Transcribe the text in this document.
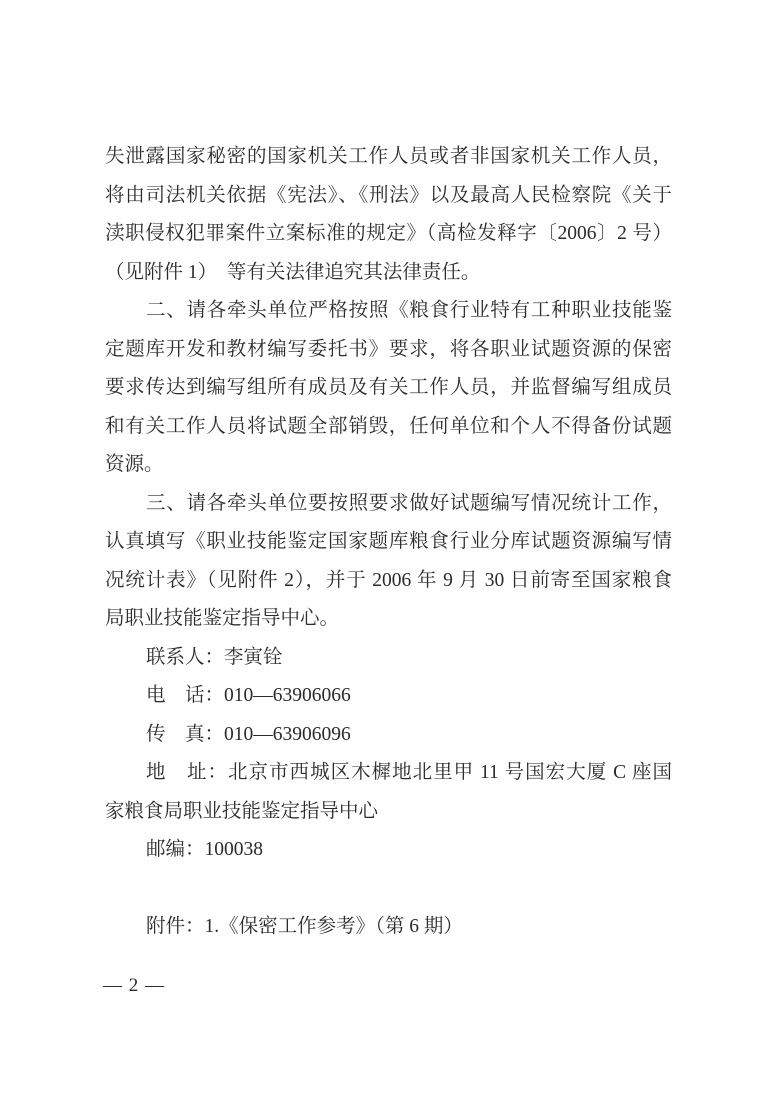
失泄露国家秘密的国家机关工作人员或者非国家机关工作人员，
将由司法机关依据《宪法》、《刑法》以及最高人民检察院《关于
渎职侵权犯罪案件立案标准的规定》（高检发释字〔2006〕2 号）
（见附件 1）　等有关法律追究其法律责任。
二、请各牵头单位严格按照《粮食行业特有工种职业技能鉴
定题库开发和教材编写委托书》要求，将各职业试题资源的保密
要求传达到编写组所有成员及有关工作人员，并监督编写组成员
和有关工作人员将试题全部销毁，任何单位和个人不得备份试题
资源。
三、请各牵头单位要按照要求做好试题编写情况统计工作，
认真填写《职业技能鉴定国家题库粮食行业分库试题资源编写情
况统计表》（见附件 2），并于 2006 年 9 月 30 日前寄至国家粮食
局职业技能鉴定指导中心。
联系人：李寅铨
电　话：010—63906066
传　真：010—63906096
地　址：北京市西城区木樨地北里甲 11 号国宏大厦 C 座国
家粮食局职业技能鉴定指导中心
邮编：100038
附件：1.《保密工作参考》（第 6 期）
— 2 —
